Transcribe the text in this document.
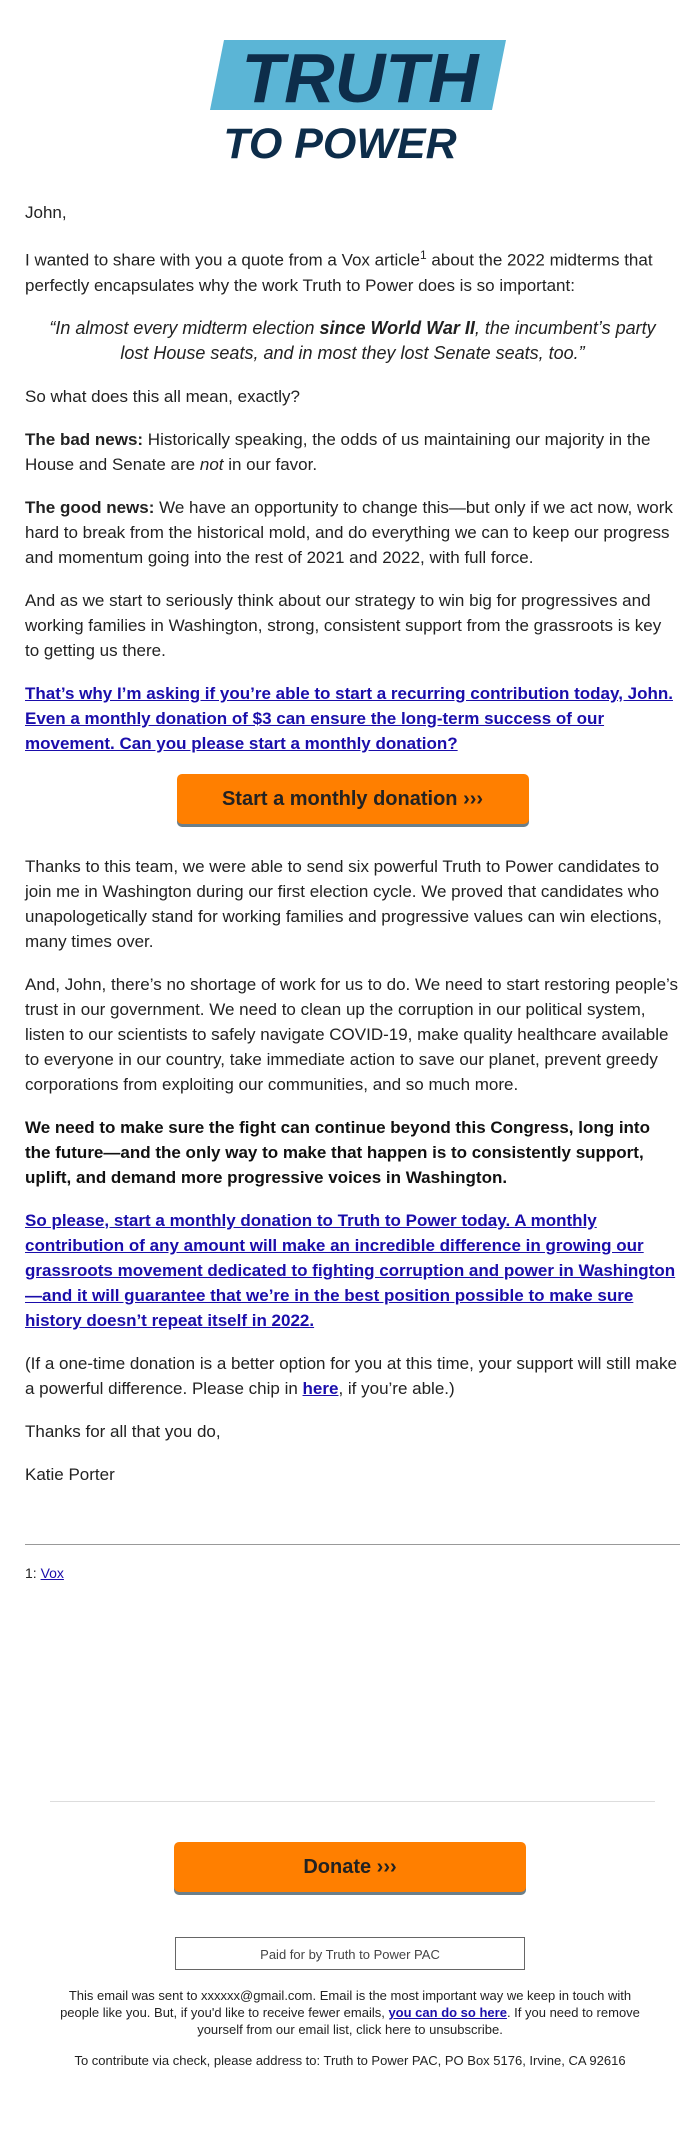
TRUTH
TO POWER

John,

I wanted to share with you a quote from a Vox article$^1$ about the 2022 midterms that perfectly encapsulates why the work Truth to Power does is so important:

“In almost every midterm election since World War II, the incumbent’s party lost House seats, and in most they lost Senate seats, too.”

So what does this all mean, exactly?

The bad news: Historically speaking, the odds of us maintaining our majority in the House and Senate are not in our favor.

The good news: We have an opportunity to change this—but only if we act now, work hard to break from the historical mold, and do everything we can to keep our progress and momentum going into the rest of 2021 and 2022, with full force.

And as we start to seriously think about our strategy to win big for progressives and working families in Washington, strong, consistent support from the grassroots is key to getting us there.

That’s why I’m asking if you’re able to start a recurring contribution today, John. Even a monthly donation of $3 can ensure the long-term success of our movement. Can you please start a monthly donation?

Start a monthly donation ›››

Thanks to this team, we were able to send six powerful Truth to Power candidates to join me in Washington during our first election cycle. We proved that candidates who unapologetically stand for working families and progressive values can win elections, many times over.

And, John, there’s no shortage of work for us to do. We need to start restoring people’s trust in our government. We need to clean up the corruption in our political system, listen to our scientists to safely navigate COVID-19, make quality healthcare available to everyone in our country, take immediate action to save our planet, prevent greedy corporations from exploiting our communities, and so much more.

We need to make sure the fight can continue beyond this Congress, long into the future—and the only way to make that happen is to consistently support, uplift, and demand more progressive voices in Washington.

So please, start a monthly donation to Truth to Power today. A monthly contribution of any amount will make an incredible difference in growing our grassroots movement dedicated to fighting corruption and power in Washington—and it will guarantee that we’re in the best position possible to make sure history doesn’t repeat itself in 2022.

(If a one-time donation is a better option for you at this time, your support will still make a powerful difference. Please chip in here, if you’re able.)

Thanks for all that you do,

Katie Porter

1: Vox
Donate ›››
Paid for by Truth to Power PAC
This email was sent to xxxxxx@gmail.com. Email is the most important way we keep in touch with people like you. But, if you'd like to receive fewer emails, you can do so here. If you need to remove yourself from our email list, click here to unsubscribe.
To contribute via check, please address to: Truth to Power PAC, PO Box 5176, Irvine, CA 92616
